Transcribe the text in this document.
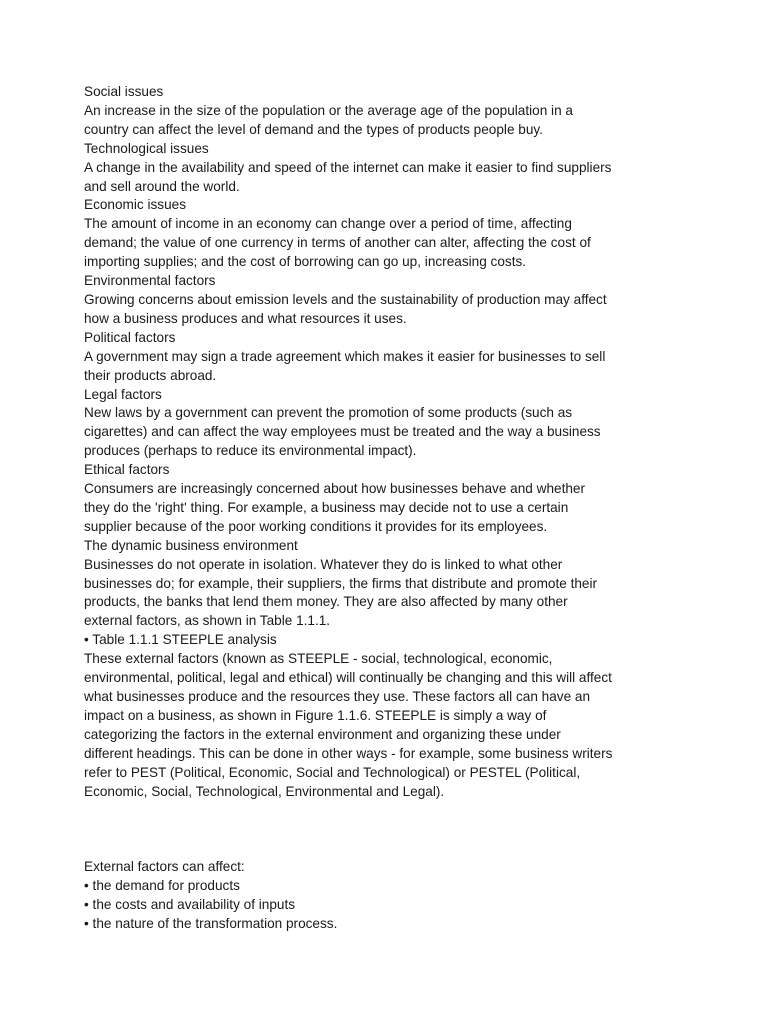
Social issues
An increase in the size of the population or the average age of the population in a
country can affect the level of demand and the types of products people buy.
Technological issues
A change in the availability and speed of the internet can make it easier to find suppliers
and sell around the world.
Economic issues
The amount of income in an economy can change over a period of time, affecting
demand; the value of one currency in terms of another can alter, affecting the cost of
importing supplies; and the cost of borrowing can go up, increasing costs.
Environmental factors
Growing concerns about emission levels and the sustainability of production may affect
how a business produces and what resources it uses.
Political factors
A government may sign a trade agreement which makes it easier for businesses to sell
their products abroad.
Legal factors
New laws by a government can prevent the promotion of some products (such as
cigarettes) and can affect the way employees must be treated and the way a business
produces (perhaps to reduce its environmental impact).
Ethical factors
Consumers are increasingly concerned about how businesses behave and whether
they do the 'right' thing. For example, a business may decide not to use a certain
supplier because of the poor working conditions it provides for its employees.
The dynamic business environment
Businesses do not operate in isolation. Whatever they do is linked to what other
businesses do; for example, their suppliers, the firms that distribute and promote their
products, the banks that lend them money. They are also affected by many other
external factors, as shown in Table 1.1.1.
• Table 1.1.1 STEEPLE analysis
These external factors (known as STEEPLE - social, technological, economic,
environmental, political, legal and ethical) will continually be changing and this will affect
what businesses produce and the resources they use. These factors all can have an
impact on a business, as shown in Figure 1.1.6. STEEPLE is simply a way of
categorizing the factors in the external environment and organizing these under
different headings. This can be done in other ways - for example, some business writers
refer to PEST (Political, Economic, Social and Technological) or PESTEL (Political,
Economic, Social, Technological, Environmental and Legal).
External factors can affect:
• the demand for products
• the costs and availability of inputs
• the nature of the transformation process.
